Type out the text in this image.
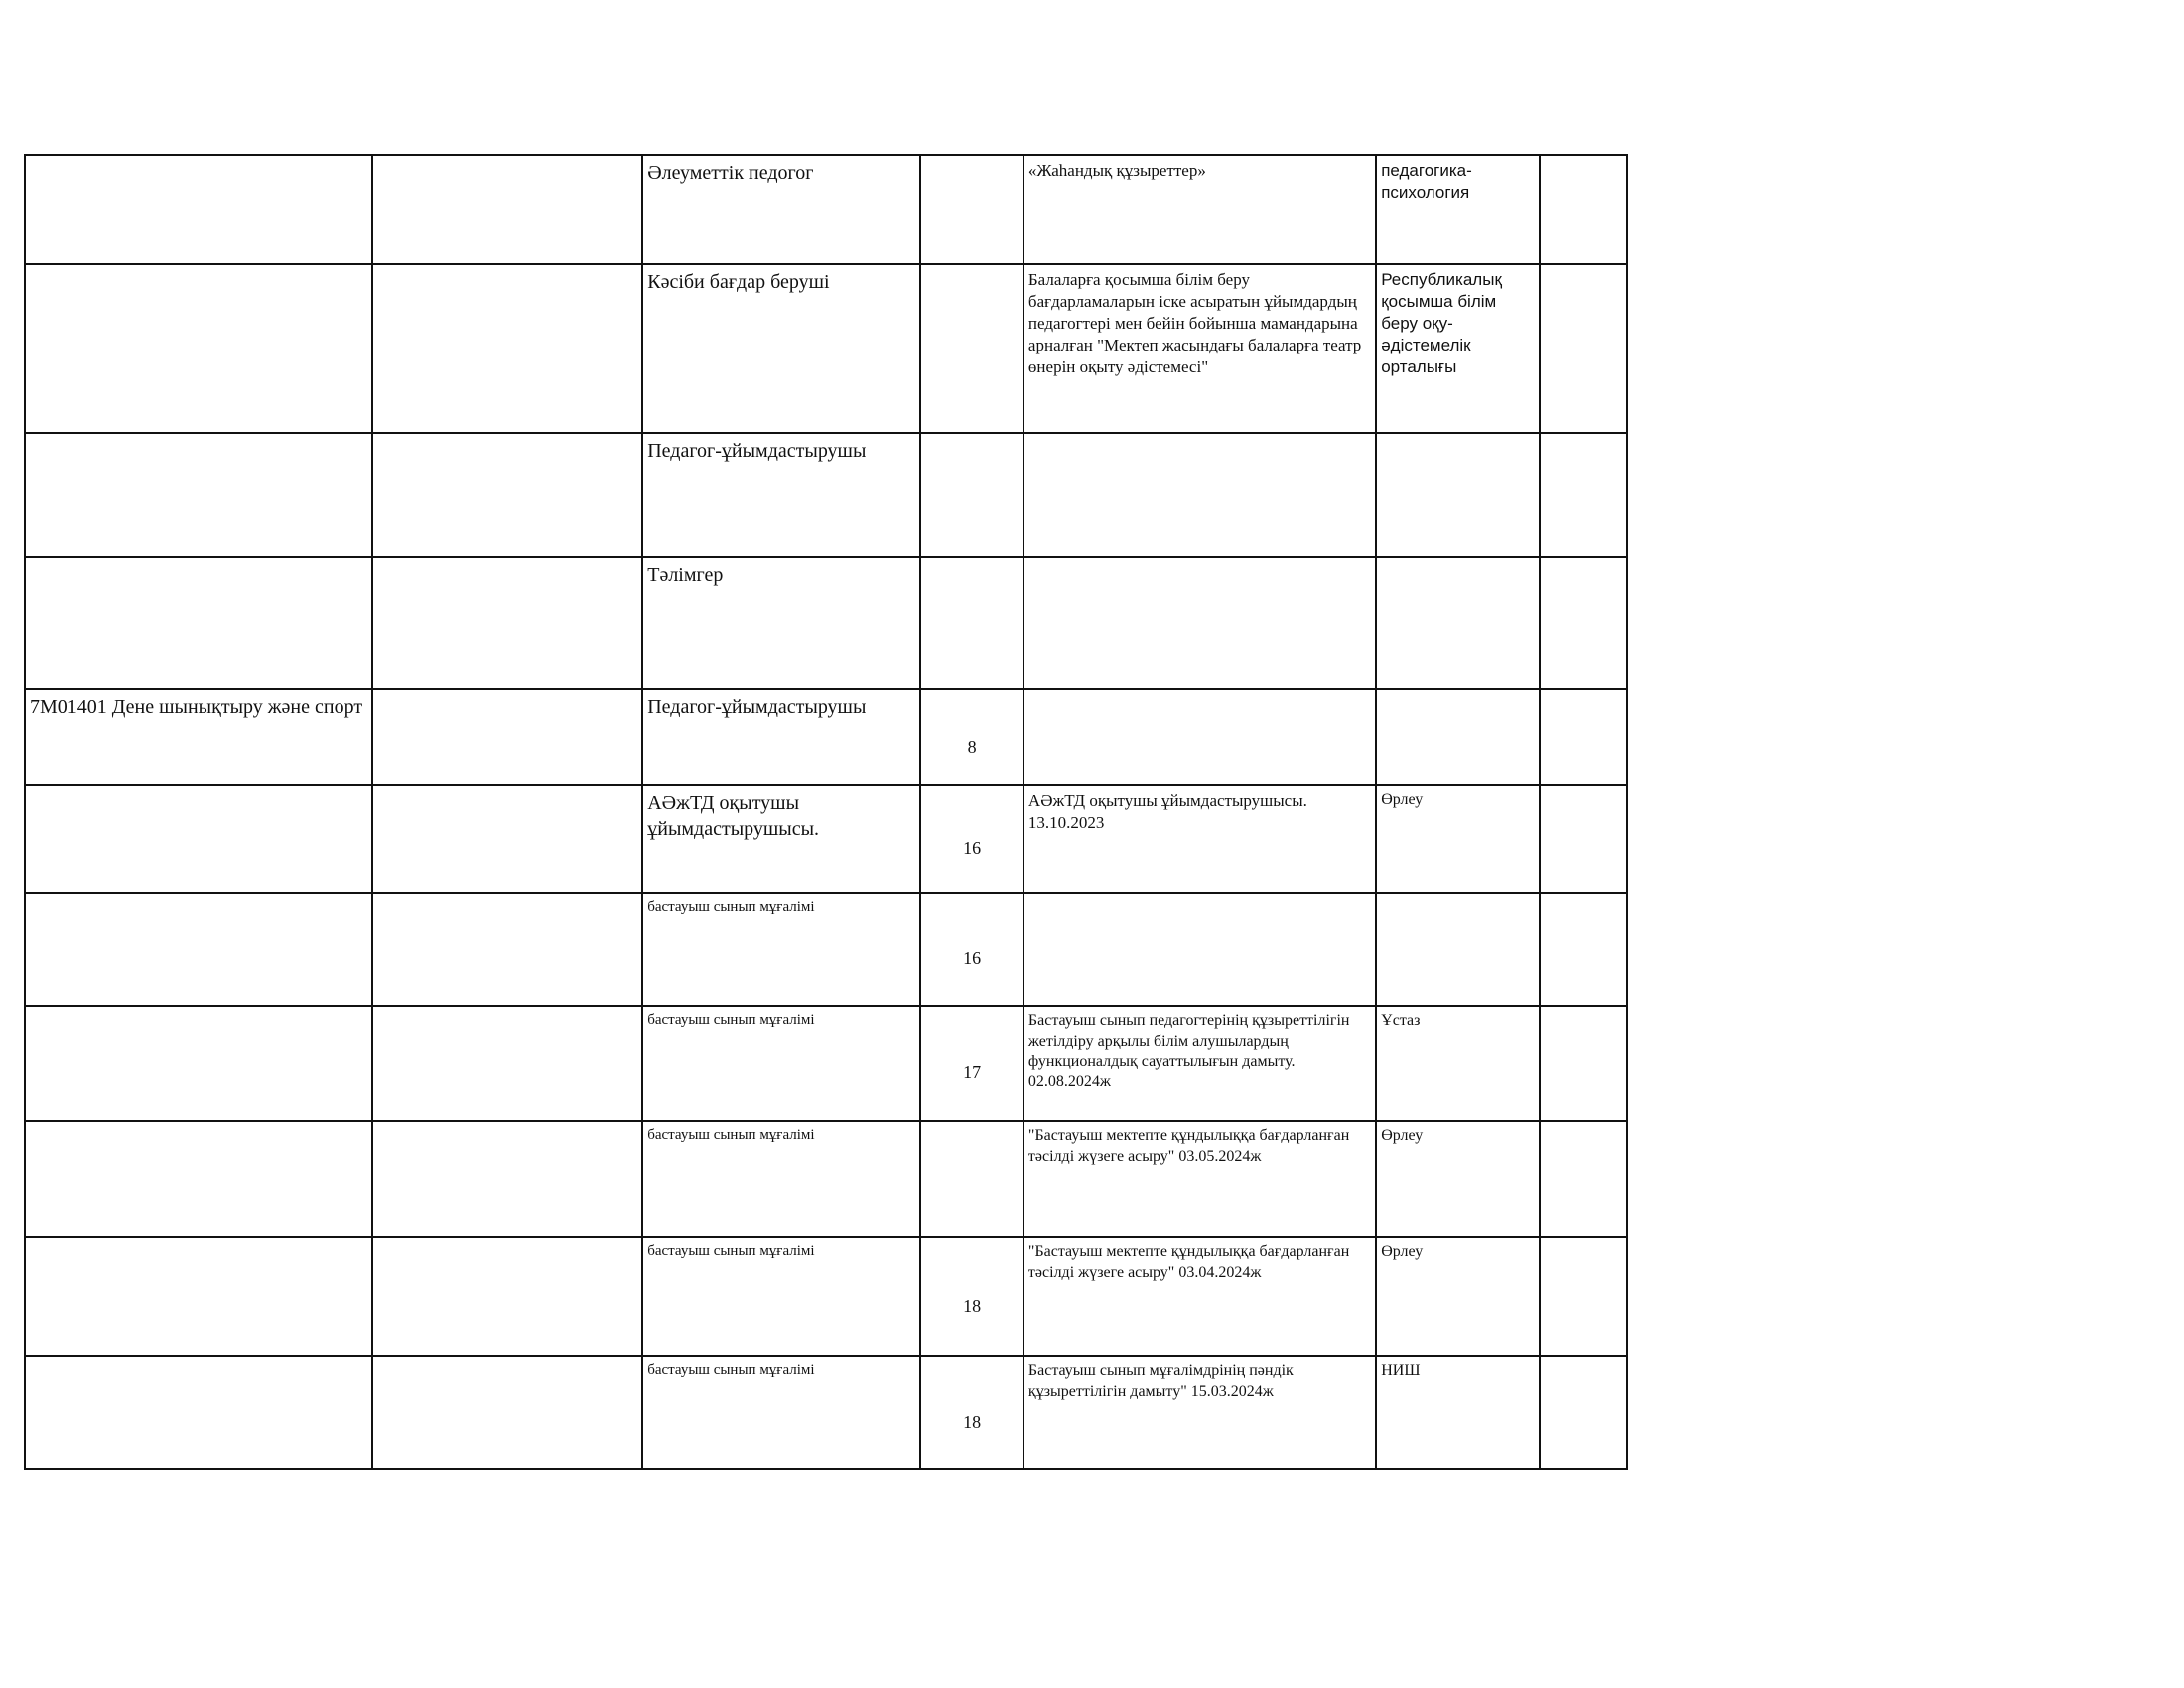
		Әлеуметтік педогог		«Жаһандық құзыреттер»	педагогика-
психология	
		Кәсіби бағдар беруші		Балаларға қосымша білім беру бағдарламаларын іске асыратын ұйымдардың педагогтері мен бейін бойынша мамандарына арналған "Мектеп жасындағы балаларға театр өнерін оқыту әдістемесі"	Республикалық қосымша білім беру оқу-әдістемелік орталығы	
		Педагог-ұйымдастырушы				
		Тәлімгер				
7М01401 Дене шынықтыру және спорт		Педагог-ұйымдастырушы	8			
		АӘжТД оқытушы ұйымдастырушысы.	16	АӘжТД оқытушы ұйымдастырушысы. 13.10.2023	Өрлеу	
		бастауыш сынып мұғалімі	16			
		бастауыш сынып мұғалімі	17	Бастауыш сынып педагогтерінің құзыреттілігін жетілдіру арқылы білім алушылардың функционалдық сауаттылығын дамыту. 02.08.2024ж	Ұстаз	
		бастауыш сынып мұғалімі		"Бастауыш мектепте құндылыққа бағдарланған тәсілді жүзеге асыру" 03.05.2024ж	Өрлеу	
		бастауыш сынып мұғалімі	18	"Бастауыш мектепте құндылыққа бағдарланған тәсілді жүзеге асыру" 03.04.2024ж	Өрлеу	
		бастауыш сынып мұғалімі	18	Бастауыш сынып мұғалімдрінің пәндік құзыреттілігін дамыту" 15.03.2024ж	НИШ	
